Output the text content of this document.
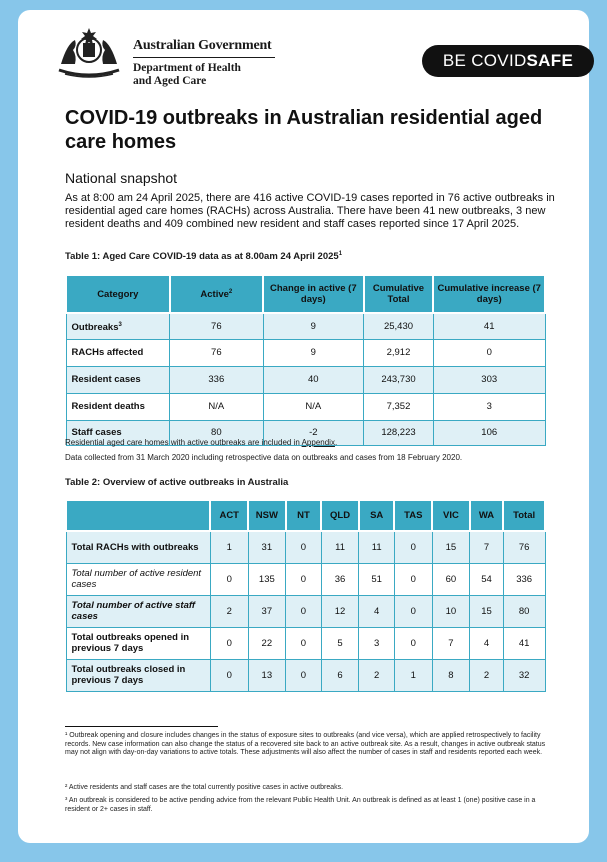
Australian Government
Department of Health
and Aged Care
BE COVIDSAFE
COVID-19 outbreaks in Australian residential aged care homes
National snapshot

As at 8:00 am 24 April 2025, there are 416 active COVID-19 cases reported in 76 active outbreaks in residential aged care homes (RACHs) across Australia. There have been 41 new outbreaks, 3 new resident deaths and 409 combined new resident and staff cases reported since 17 April 2025.

Table 1: Aged Care COVID-19 data as at 8.00am 24 April 2025$^1$
Category	Active$^2$	Change in active (7 days)	Cumulative Total	Cumulative increase (7 days)
Outbreaks$^3$	76	9	25,430	41
RACHs affected	76	9	2,912	0
Resident cases	336	40	243,730	303
Resident deaths	N/A	N/A	7,352	3
Staff cases	80	-2	128,223	106
Residential aged care homes with active outbreaks are included in Appendix.
Data collected from 31 March 2020 including retrospective data on outbreaks and cases from 18 February 2020.
Table 2: Overview of active outbreaks in Australia
	ACT	NSW	NT	QLD	SA	TAS	VIC	WA	Total
Total RACHs with outbreaks	1	31	0	11	11	0	15	7	76
Total number of active resident cases	0	135	0	36	51	0	60	54	336
Total number of active staff cases	2	37	0	12	4	0	10	15	80
Total outbreaks opened in previous 7 days	0	22	0	5	3	0	7	4	41
Total outbreaks closed in previous 7 days	0	13	0	6	2	1	8	2	32

¹ Outbreak opening and closure includes changes in the status of exposure sites to outbreaks (and vice versa), which are applied retrospectively to facility records. New case information can also change the status of a recovered site back to an active outbreak site. As a result, changes in active outbreak status may not align with day-on-day variations to active totals. These adjustments will also affect the number of cases in staff and residents reported each week.

² Active residents and staff cases are the total currently positive cases in active outbreaks.

³ An outbreak is considered to be active pending advice from the relevant Public Health Unit. An outbreak is defined as at least 1 (one) positive case in a resident or 2+ cases in staff.
